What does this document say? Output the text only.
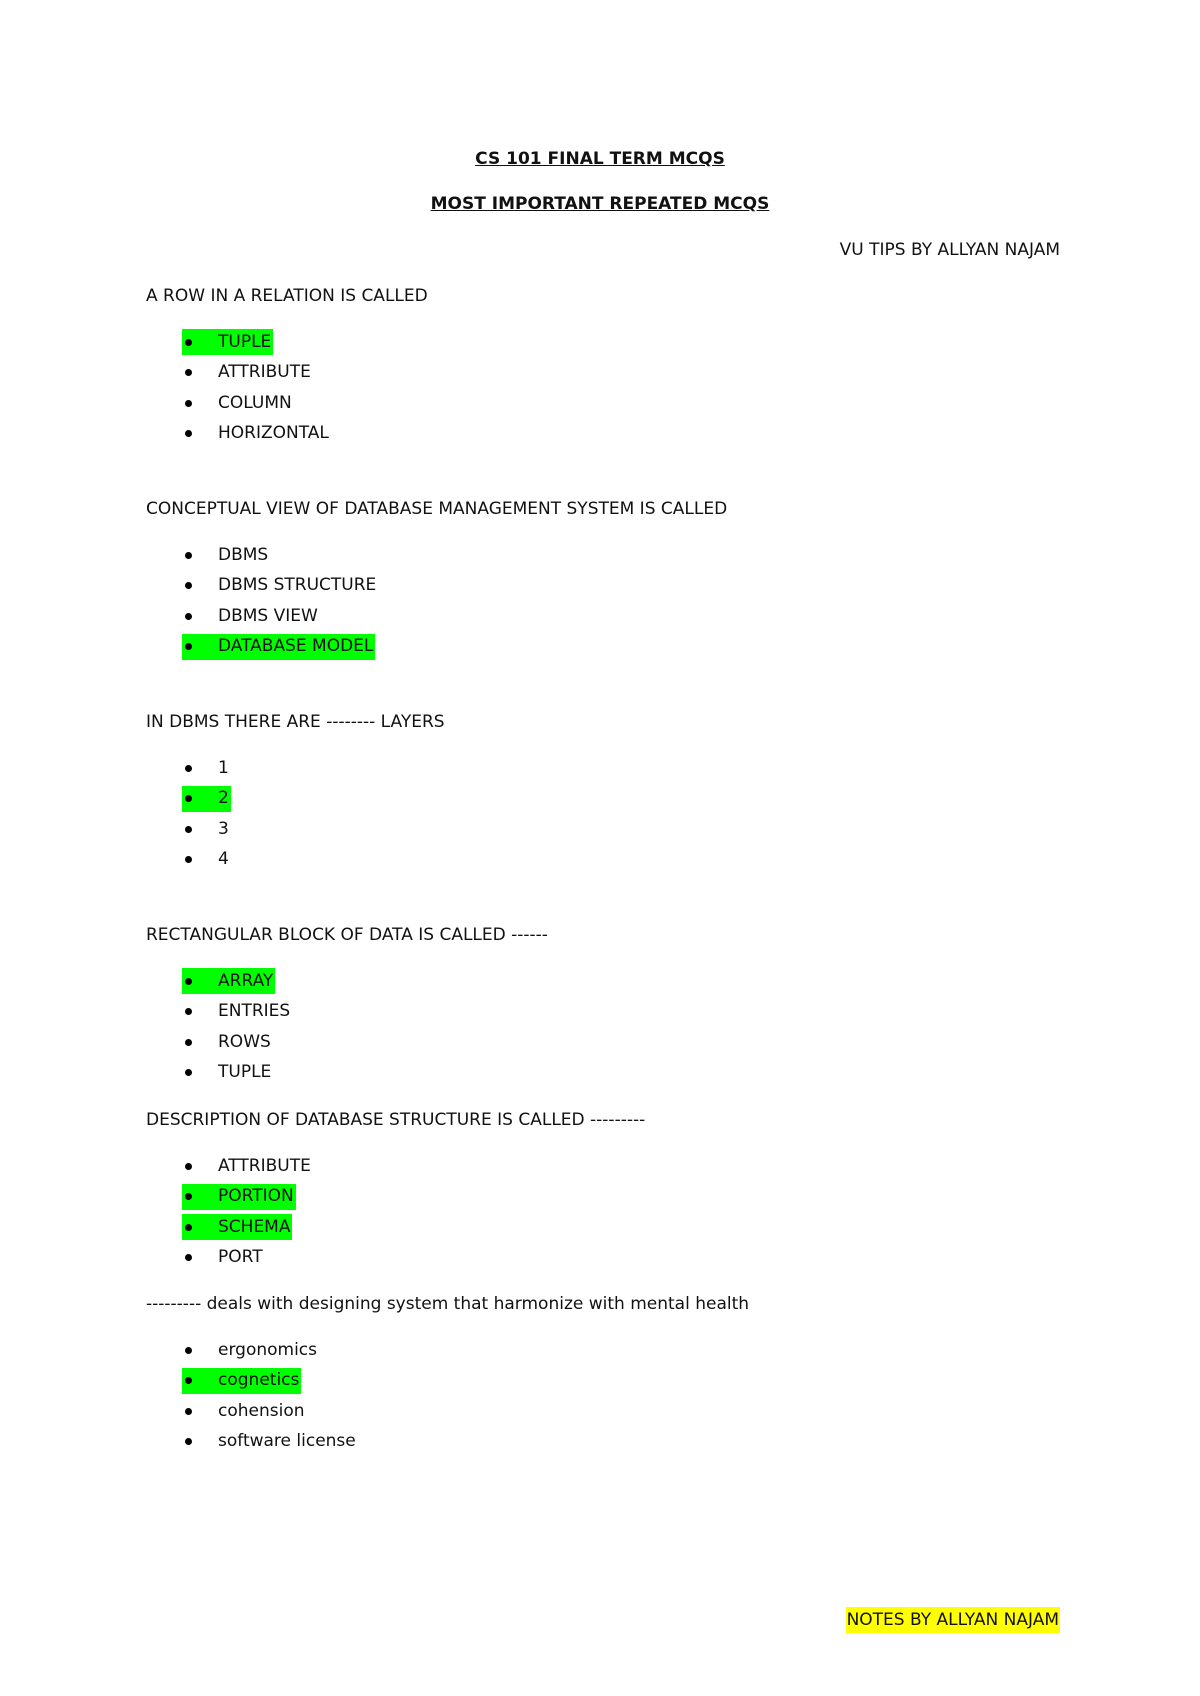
CS 101 FINAL TERM MCQS
MOST IMPORTANT REPEATED MCQS
VU TIPS BY ALLYAN NAJAM
A ROW IN A RELATION IS CALLED
TUPLE
ATTRIBUTE
COLUMN
HORIZONTAL
CONCEPTUAL VIEW OF DATABASE MANAGEMENT SYSTEM IS CALLED
DBMS
DBMS STRUCTURE
DBMS VIEW
DATABASE MODEL
IN DBMS THERE ARE -------- LAYERS
1
2
3
4
RECTANGULAR BLOCK OF DATA IS CALLED ------
ARRAY
ENTRIES
ROWS
TUPLE
DESCRIPTION OF DATABASE STRUCTURE IS CALLED ---------
ATTRIBUTE
PORTION
SCHEMA
PORT
--------- deals with designing system that harmonize with mental health
ergonomics
cognetics
cohension
software license
NOTES BY ALLYAN NAJAM
